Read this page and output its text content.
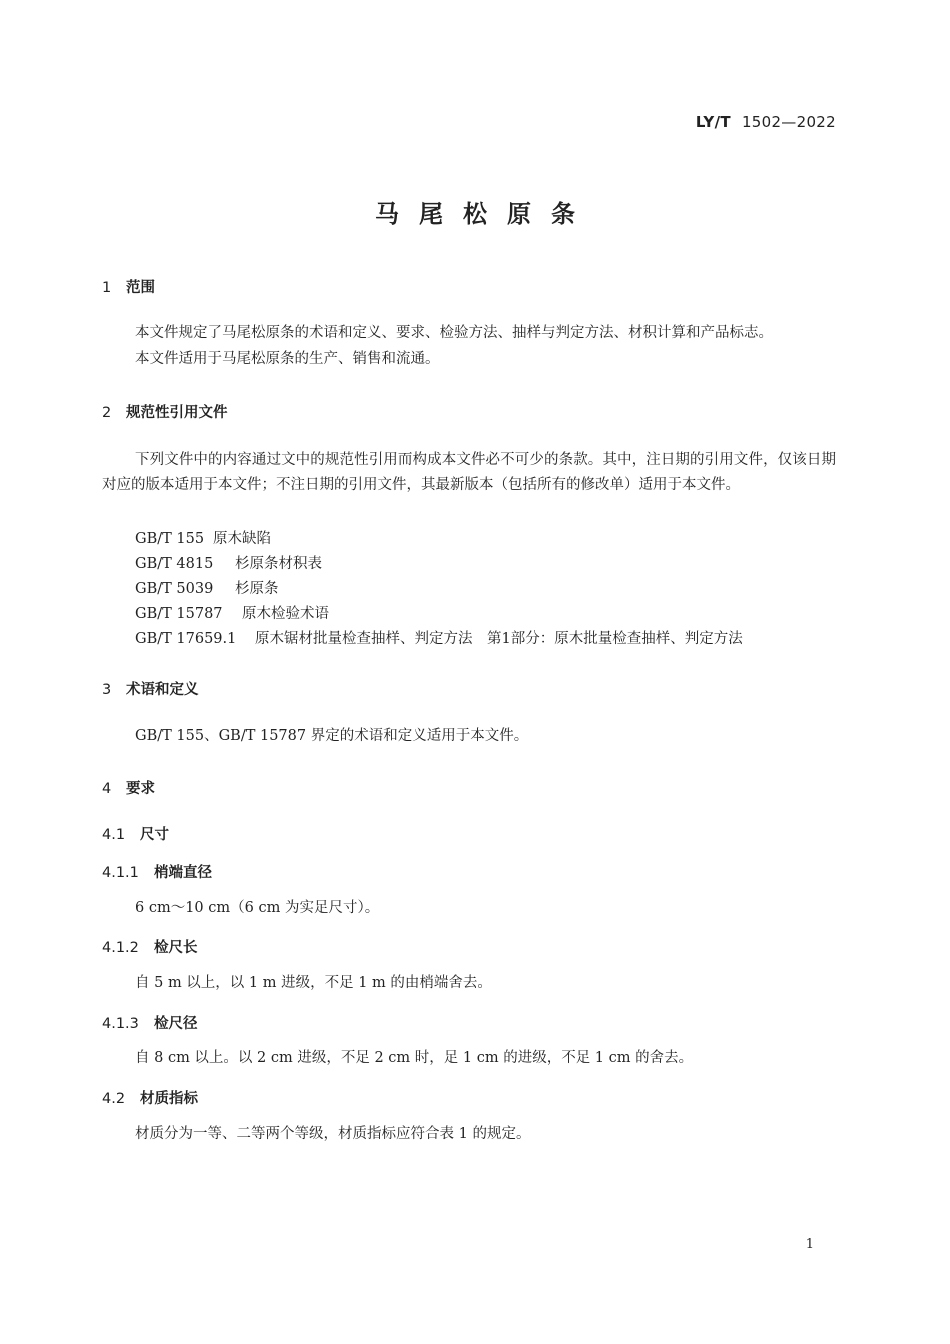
LY/T 1502—2022
马尾松原条
1 范围
本文件规定了马尾松原条的术语和定义、要求、检验方法、抽样与判定方法、材积计算和产品标志。
本文件适用于马尾松原条的生产、销售和流通。
2 规范性引用文件
下列文件中的内容通过文中的规范性引用而构成本文件必不可少的条款。其中，注日期的引用文件，仅该日期对应的版本适用于本文件；不注日期的引用文件，其最新版本（包括所有的修改单）适用于本文件。
GB/T 155 原木缺陷
GB/T 4815 杉原条材积表
GB/T 5039 杉原条
GB/T 15787 原木检验术语
GB/T 17659.1 原木锯材批量检查抽样、判定方法　第1部分：原木批量检查抽样、判定方法
3 术语和定义
GB/T 155、GB/T 15787 界定的术语和定义适用于本文件。
4 要求
4.1 尺寸
4.1.1 梢端直径
6 cm～10 cm（6 cm 为实足尺寸）。
4.1.2 检尺长
自 5 m 以上，以 1 m 进级，不足 1 m 的由梢端舍去。
4.1.3 检尺径
自 8 cm 以上。以 2 cm 进级，不足 2 cm 时，足 1 cm 的进级，不足 1 cm 的舍去。
4.2 材质指标
材质分为一等、二等两个等级，材质指标应符合表 1 的规定。
1
